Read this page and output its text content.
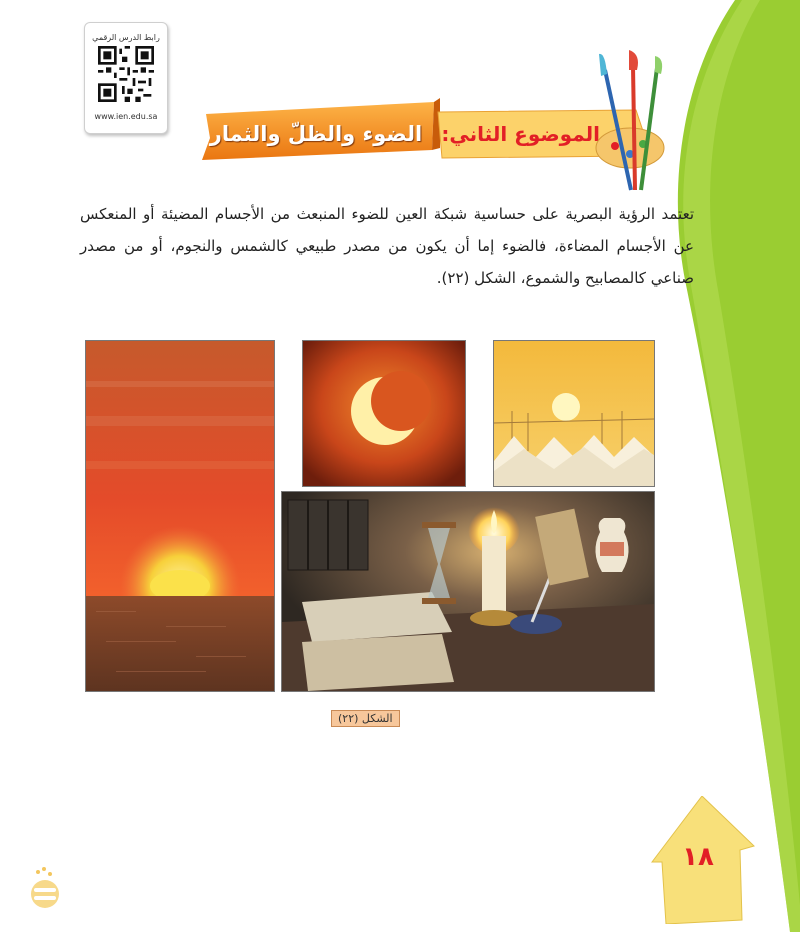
رابط الدرس الرقمي
www.ien.edu.sa
الموضوع الثاني:
الضوء والظلّ والثمار
تعتمد الرؤية البصرية على حساسية شبكة العين للضوء المنبعث من الأجسام المضيئة أو المنعكس عن الأجسام المضاءة، فالضوء إما أن يكون من مصدر طبيعي كالشمس والنجوم، أو من مصدر صناعي كالمصابيح والشموع، الشكل (٢٢).
الشكل (٢٢)
١٨
